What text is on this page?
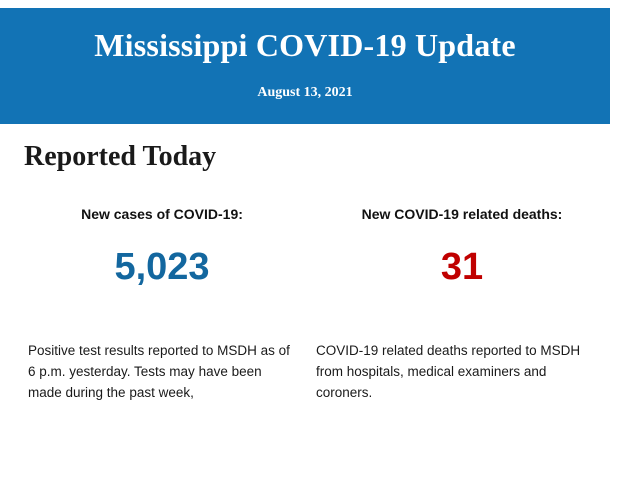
Mississippi COVID-19 Update
August 13, 2021
Reported Today
New cases of COVID-19:
5,023
New COVID-19 related deaths:
31
Positive test results reported to MSDH as of 6 p.m. yesterday. Tests may have been made during the past week,
COVID-19 related deaths reported to MSDH from hospitals, medical examiners and coroners.
